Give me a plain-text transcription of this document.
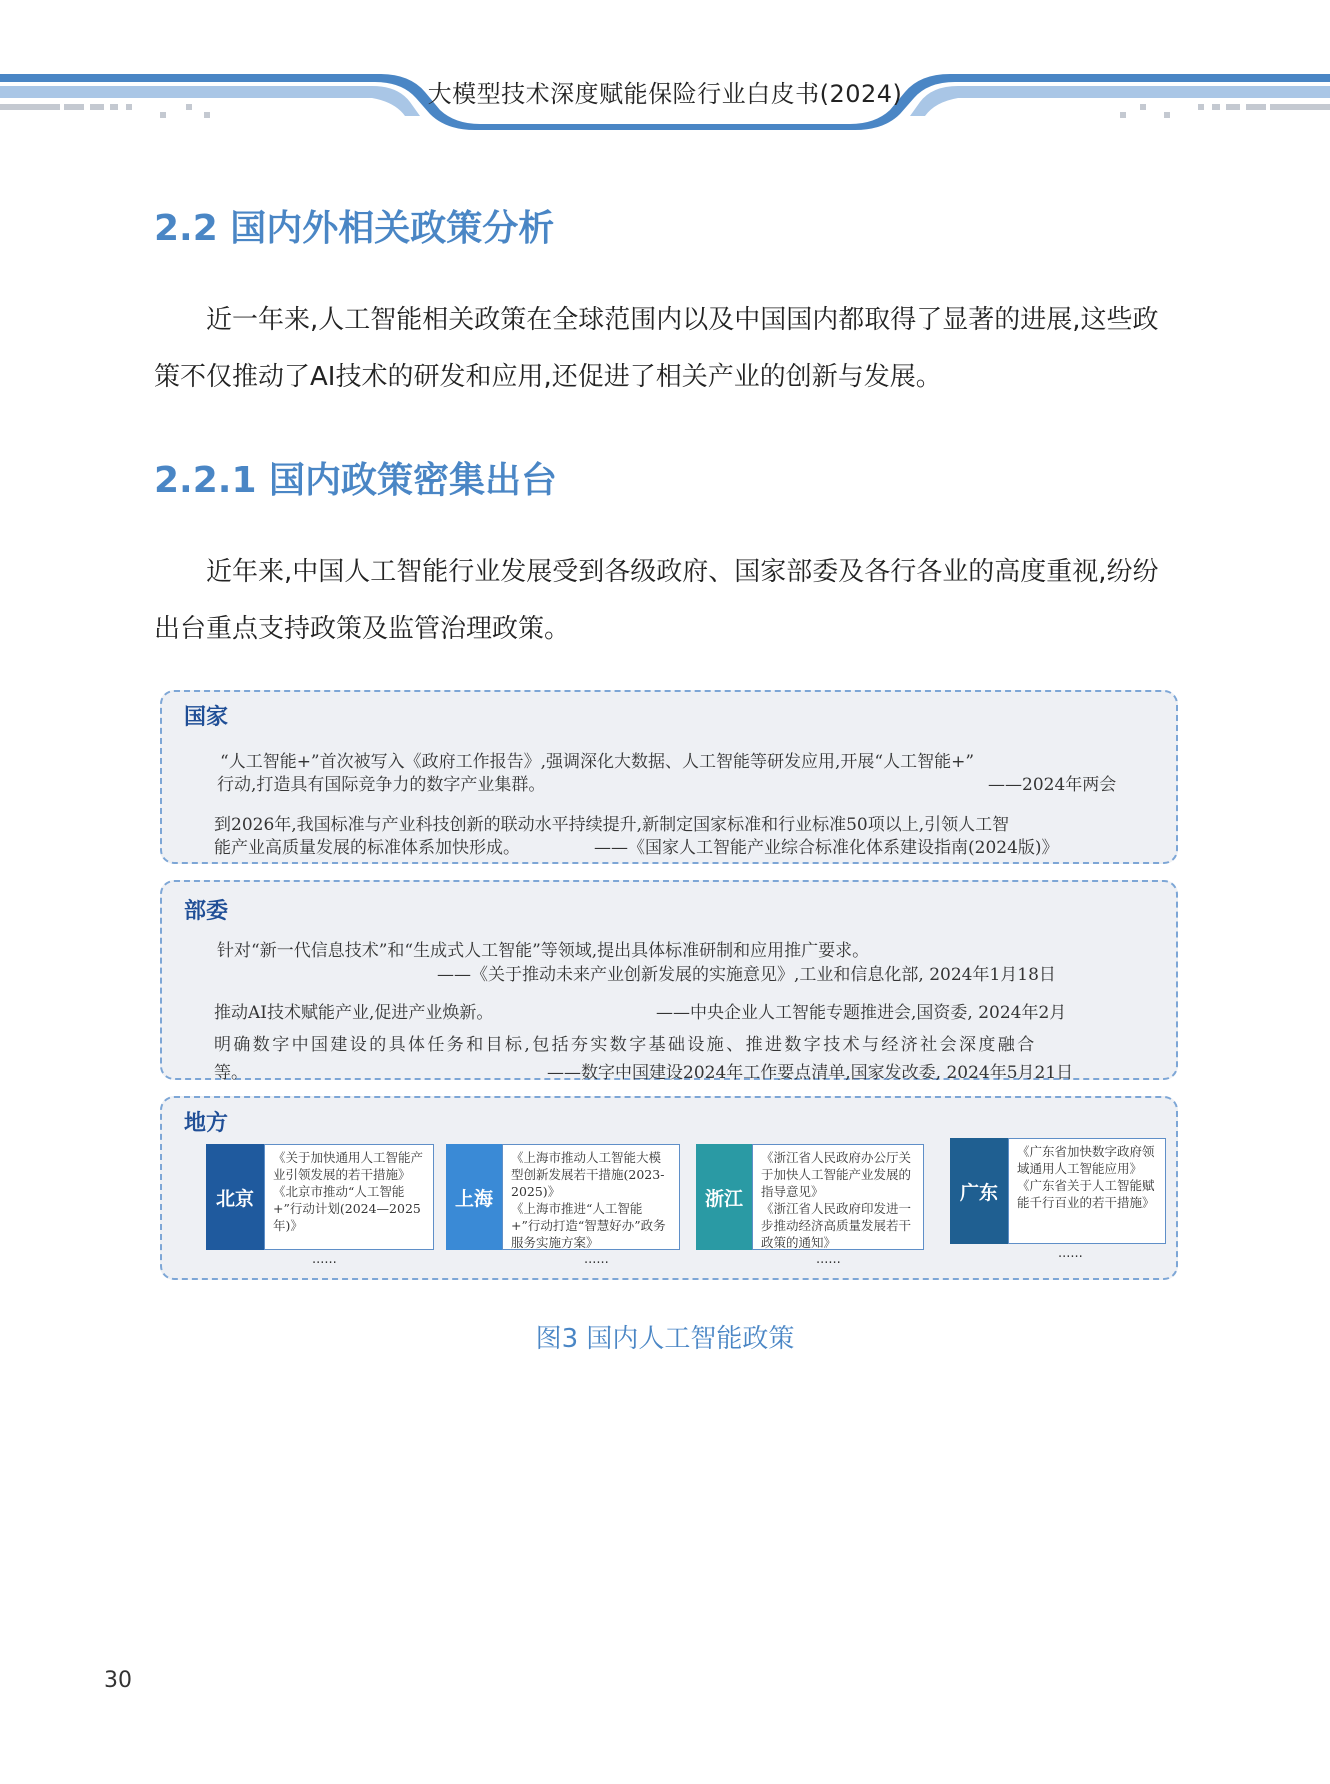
大模型技术深度赋能保险行业白皮书(2024)
2.2 国内外相关政策分析

近一年来,人工智能相关政策在全球范围内以及中国国内都取得了显著的进展,这些政策不仅推动了AI技术的研发和应用,还促进了相关产业的创新与发展。

2.2.1 国内政策密集出台

近年来,中国人工智能行业发展受到各级政府、国家部委及各行各业的高度重视,纷纷出台重点支持政策及监管治理政策。

国家
“人工智能+”首次被写入《政府工作报告》,强调深化大数据、人工智能等研发应用,开展“人工智能+”
行动,打造具有国际竞争力的数字产业集群。	——2024年两会
到2026年,我国标准与产业科技创新的联动水平持续提升,新制定国家标准和行业标准50项以上,引领人工智
能产业高质量发展的标准体系加快形成。	——《国家人工智能产业综合标准化体系建设指南(2024版)》
部委
针对“新一代信息技术”和“生成式人工智能”等领域,提出具体标准研制和应用推广要求。
——《关于推动未来产业创新发展的实施意见》,工业和信息化部, 2024年1月18日
推动AI技术赋能产业,促进产业焕新。	——中央企业人工智能专题推进会,国资委, 2024年2月
明确数字中国建设的具体任务和目标,包括夯实数字基础设施、推进数字技术与经济社会深度融合
等。	——数字中国建设2024年工作要点清单,国家发改委, 2024年5月21日
地方
北京

《关于加快通用人工智能产业引领发展的若干措施》

《北京市推动“人工智能+”行动计划(2024—2025年)》

......
上海

《上海市推动人工智能大模型创新发展若干措施(2023-2025)》

《上海市推进“人工智能+”行动打造“智慧好办”政务服务实施方案》

......
浙江

《浙江省人民政府办公厅关于加快人工智能产业发展的指导意见》

《浙江省人民政府印发进一步推动经济高质量发展若干政策的通知》

......
广东

《广东省加快数字政府领域通用人工智能应用》

《广东省关于人工智能赋能千行百业的若干措施》

......
图3 国内人工智能政策
30
